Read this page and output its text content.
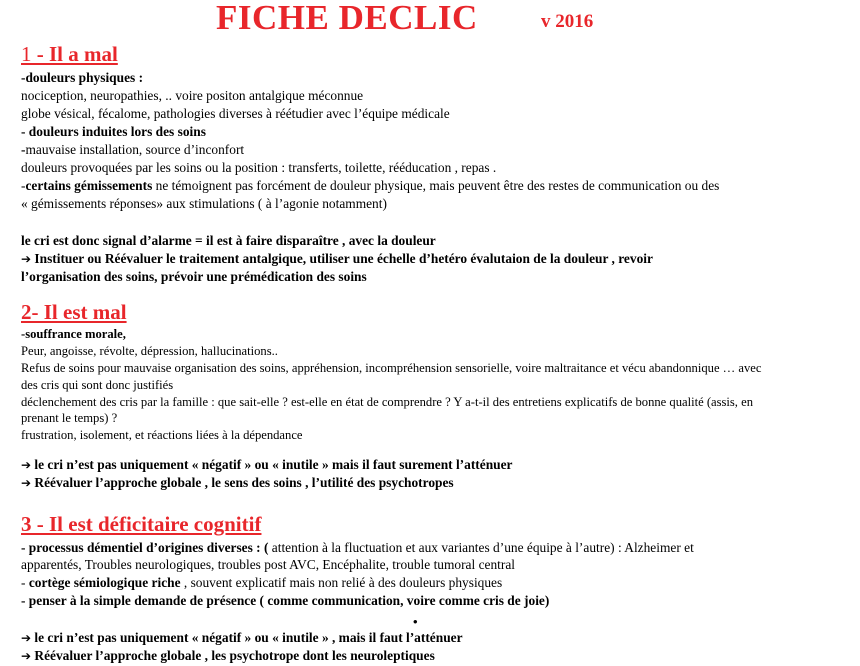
FICHE DECLIC	v 2016
1 - Il a mal
-douleurs physiques :
nociception, neuropathies, .. voire positon antalgique méconnue
globe vésical, fécalome, pathologies diverses à réétudier avec l’équipe médicale
- douleurs induites lors des soins
-mauvaise installation, source d’inconfort
douleurs provoquées par les soins ou la position : transferts, toilette, rééducation , repas .
-certains gémissements ne témoignent pas forcément de douleur physique, mais peuvent être des restes de communication ou des
« gémissements réponses» aux stimulations ( à l’agonie notamment)
le cri est donc signal d’alarme = il est à faire disparaître , avec la douleur
➔ Instituer ou Réévaluer le traitement antalgique, utiliser une échelle d’hetéro évalutaion de la douleur , revoir
l’organisation des soins, prévoir une prémédication des soins
2- Il est mal
-souffrance morale,
Peur, angoisse, révolte, dépression, hallucinations..
Refus de soins pour mauvaise organisation des soins, appréhension, incompréhension sensorielle, voire maltraitance et vécu abandonnique … avec
des cris qui sont donc justifiés
déclenchement des cris par la famille : que sait-elle ? est-elle en état de comprendre ? Y a-t-il des entretiens explicatifs de bonne qualité (assis, en
prenant le temps) ?
frustration, isolement, et réactions liées à la dépendance
➔ le cri n’est pas uniquement « négatif » ou « inutile » mais il faut surement l’atténuer
➔ Réévaluer l’approche globale , le sens des soins , l’utilité des psychotropes
3 - Il est déficitaire cognitif
- processus démentiel d’origines diverses : ( attention à la fluctuation et aux variantes d’une équipe à l’autre) : Alzheimer et
apparentés, Troubles neurologiques, troubles post AVC, Encéphalite, trouble tumoral central
- cortège sémiologique riche , souvent explicatif mais non relié à des douleurs physiques
- penser à la simple demande de présence ( comme communication, voire comme cris de joie)
•
➔ le cri n’est pas uniquement « négatif » ou « inutile » , mais il faut l’atténuer
➔ Réévaluer l’approche globale , les psychotrope dont les neuroleptiques
